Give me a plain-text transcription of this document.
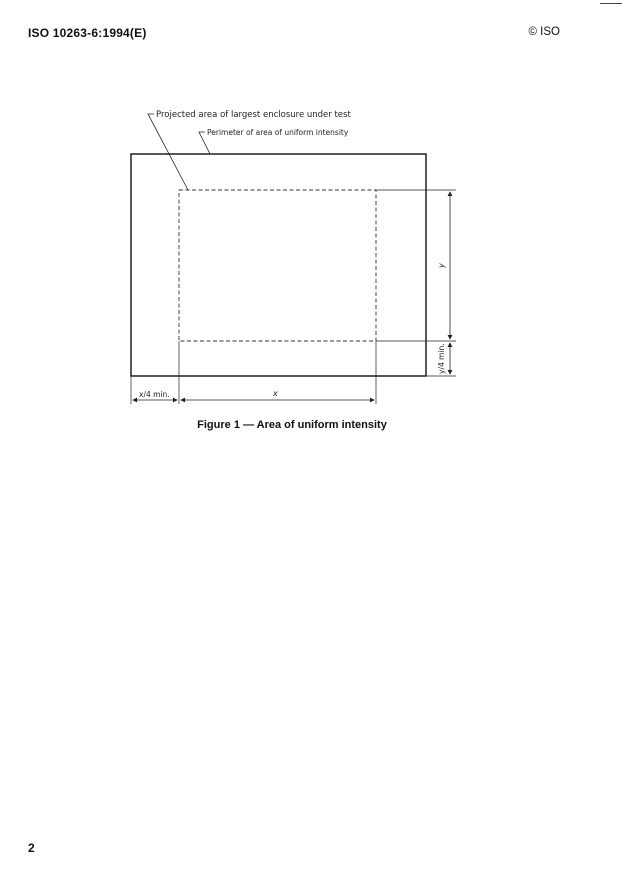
ISO 10263-6:1994(E)	© ISO
Projected area of largest enclosure under test
Perimeter of area of uniform intensity
y
y/4 min.
x/4 min.	x
Figure 1 — Area of uniform intensity
2
